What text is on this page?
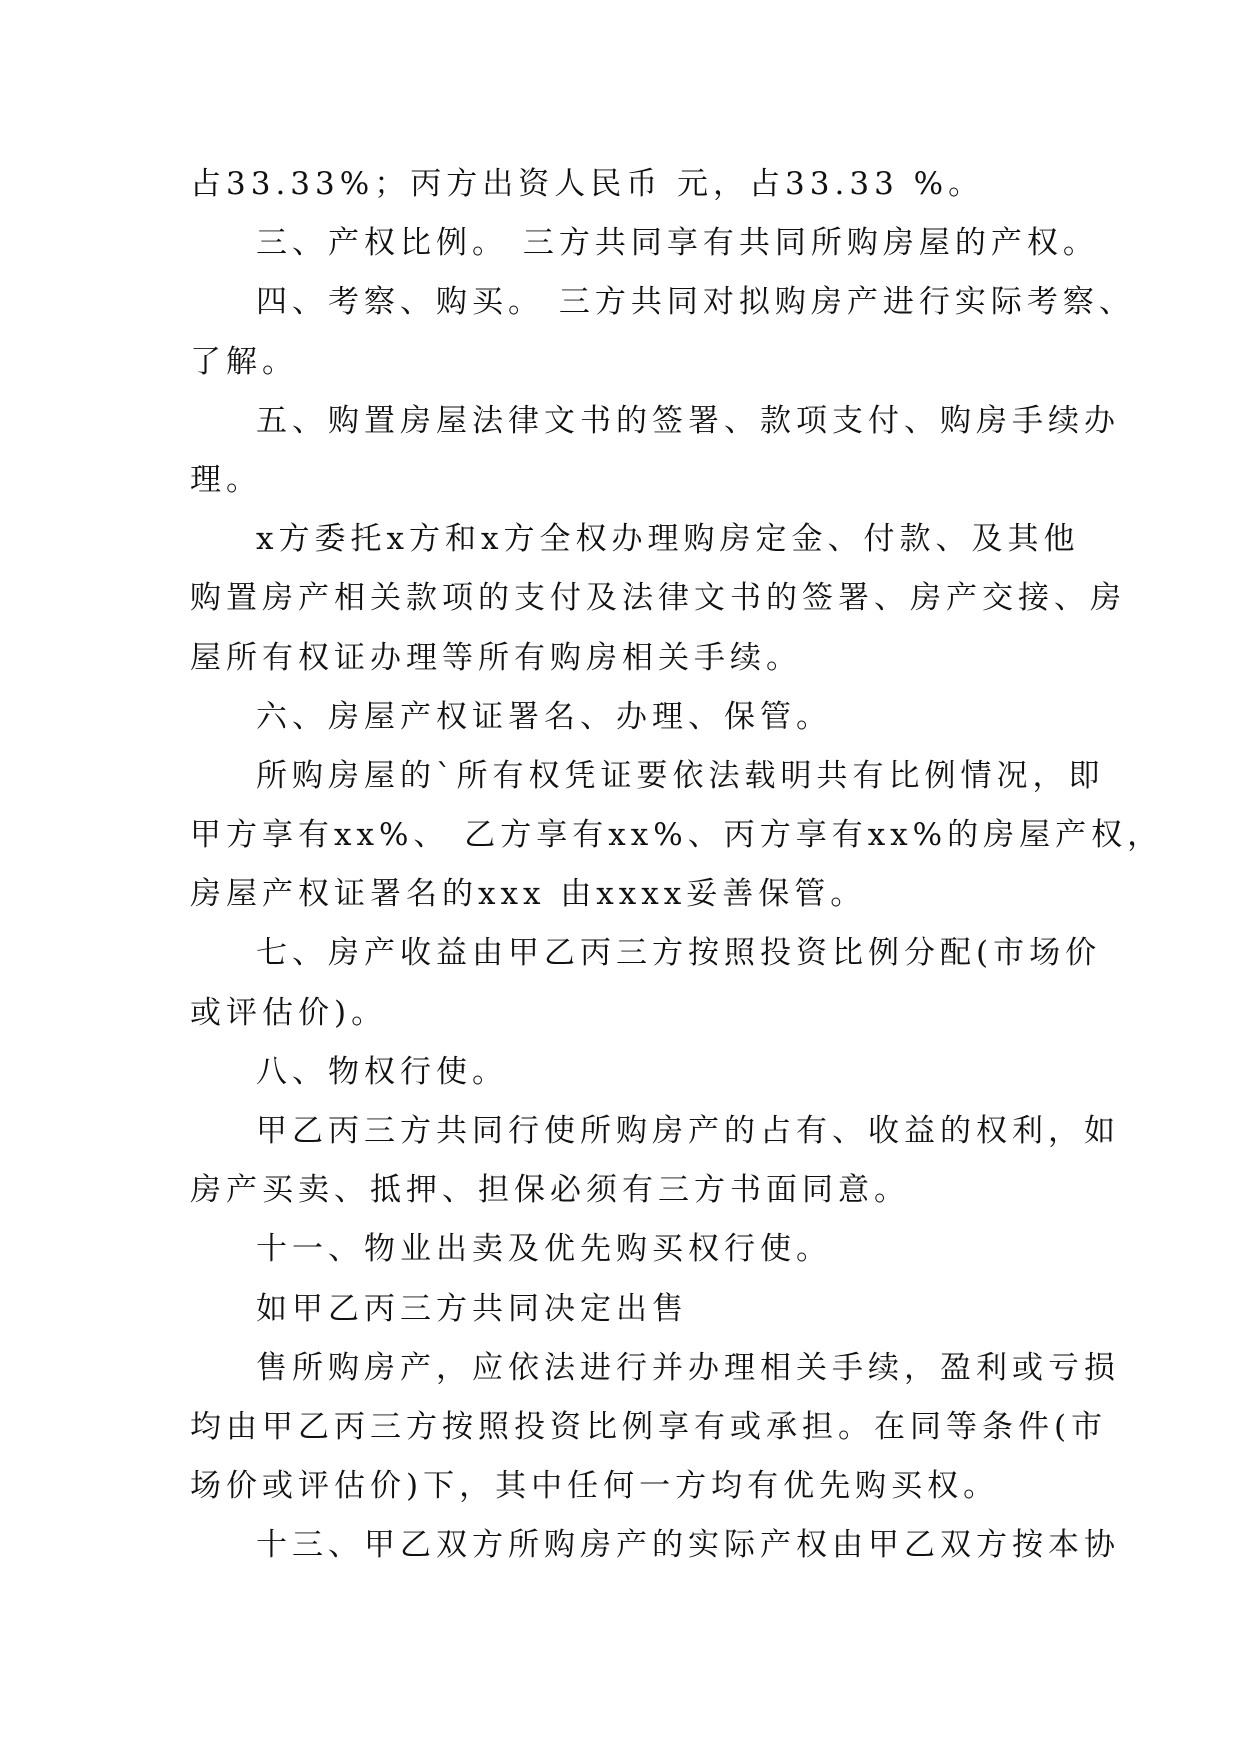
占33.33%；丙方出资人民币 元，占33.33 %。
三、产权比例。 三方共同享有共同所购房屋的产权。
四、考察、购买。 三方共同对拟购房产进行实际考察、
了解。
五、购置房屋法律文书的签署、款项支付、购房手续办
理。
x方委托x方和x方全权办理购房定金、付款、及其他
购置房产相关款项的支付及法律文书的签署、房产交接、房
屋所有权证办理等所有购房相关手续。
六、房屋产权证署名、办理、保管。
所购房屋的`所有权凭证要依法载明共有比例情况，即
甲方享有xx%、 乙方享有xx%、丙方享有xx%的房屋产权，
房屋产权证署名的xxx 由xxxx妥善保管。
七、房产收益由甲乙丙三方按照投资比例分配(市场价
或评估价)。
八、物权行使。
甲乙丙三方共同行使所购房产的占有、收益的权利，如
房产买卖、抵押、担保必须有三方书面同意。
十一、物业出卖及优先购买权行使。
如甲乙丙三方共同决定出售
售所购房产，应依法进行并办理相关手续，盈利或亏损
均由甲乙丙三方按照投资比例享有或承担。在同等条件(市
场价或评估价)下，其中任何一方均有优先购买权。
十三、甲乙双方所购房产的实际产权由甲乙双方按本协
